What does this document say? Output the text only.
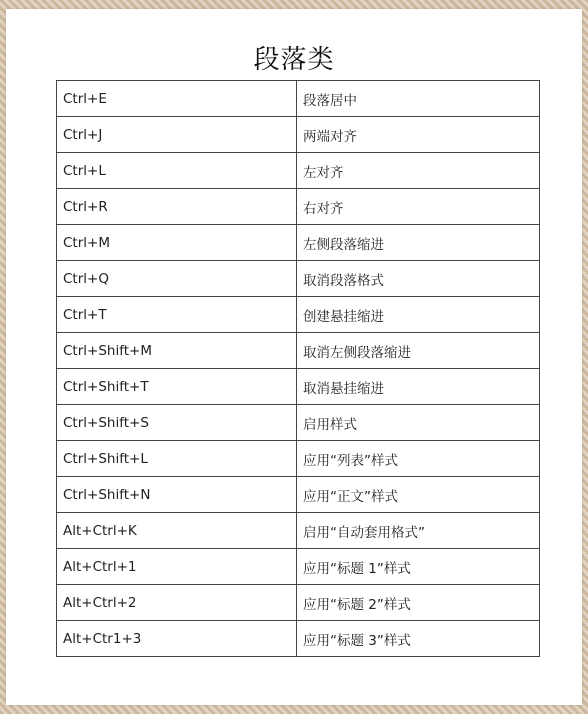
段落类
Ctrl+E	段落居中
Ctrl+J	两端对齐
Ctrl+L	左对齐
Ctrl+R	右对齐
Ctrl+M	左侧段落缩进
Ctrl+Q	取消段落格式
Ctrl+T	创建悬挂缩进
Ctrl+Shift+M	取消左侧段落缩进
Ctrl+Shift+T	取消悬挂缩进
Ctrl+Shift+S	启用样式
Ctrl+Shift+L	应用“列表”样式
Ctrl+Shift+N	应用“正文”样式
Alt+Ctrl+K	启用“自动套用格式”
Alt+Ctrl+1	应用“标题 1”样式
Alt+Ctrl+2	应用“标题 2”样式
Alt+Ctr1+3	应用“标题 3”样式
